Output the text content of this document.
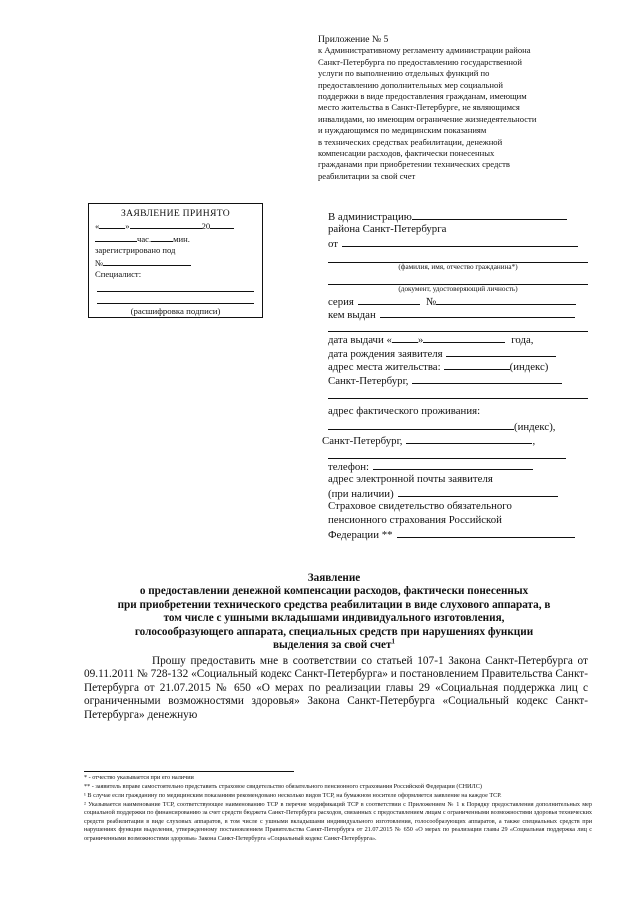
Приложение № 5
к Административному регламенту администрации района
Санкт-Петербурга по предоставлению государственной
услуги по выполнению отдельных функций по
предоставлению дополнительных мер социальной
поддержки в виде предоставления гражданам, имеющим
место жительства в Санкт-Петербурге, не являющимся
инвалидами, но имеющим ограничение жизнедеятельности
и нуждающимся по медицинским показаниям
в технических средствах реабилитации, денежной
компенсации расходов, фактически понесенных
гражданами при приобретении технических средств
реабилитации за свой счет
ЗАЯВЛЕНИЕ ПРИНЯТО
«	»	20
час.	мин.
зарегистрировано под
№
Специалист:
(расшифровка подписи)
В администрацию
района Санкт-Петербурга
от
(фамилия, имя, отчество гражданина*)
(документ, удостоверяющий личность)
серия	№
кем выдан
дата выдачи « »	года,
дата рождения заявителя
адрес места жительства:	(индекс)
Санкт-Петербург,
адрес фактического проживания:
(индекс),
Санкт-Петербург,	,
телефон:
адрес электронной почты заявителя
(при наличии)
Страховое свидетельство обязательного
пенсионного страхования Российской
Федерации **
Заявление
о предоставлении денежной компенсации расходов, фактически понесенных
при приобретении технического средства реабилитации в виде слухового аппарата, в
том числе с ушными вкладышами индивидуального изготовления,
голосообразующего аппарата, специальных средств при нарушениях функции
выделения за свой счет$^1$

Прошу предоставить мне в соответствии со статьей 107-1 Закона Санкт-Петербурга от 09.11.2011 № 728-132 «Социальный кодекс Санкт-Петербурга» и постановлением Правительства Санкт-Петербурга от 21.07.2015 № 650 «О мерах по реализации главы 29 «Социальная поддержка лиц с ограниченными возможностями здоровья» Закона Санкт-Петербурга «Социальный кодекс Санкт-Петербурга» денежную

* - отчество указывается при его наличии

** - заявитель вправе самостоятельно представить страховое свидетельство обязательного пенсионного страхования Российской Федерации (СНИЛС)

¹ В случае если гражданину по медицинским показаниям рекомендовано несколько видов ТСР, на бумажном носителе оформляется заявление на каждое ТСР.

² Указывается наименование ТСР, соответствующее наименованию ТСР в перечне модификаций ТСР в соответствии с Приложением № 1 к Порядку предоставления дополнительных мер социальной поддержки по финансированию за счет средств бюджета Санкт-Петербурга расходов, связанных с предоставлением лицам с ограниченными возможностями здоровья технических средств реабилитации в виде слуховых аппаратов, в том числе с ушными вкладышами индивидуального изготовления, голосообразующих аппаратов, а также специальных средств при нарушениях функции выделения, утвержденному постановлением Правительства Санкт-Петербурга от 21.07.2015 № 650 «О мерах по реализации главы 29 «Социальная поддержка лиц с ограниченными возможностями здоровья» Закона Санкт-Петербурга «Социальный кодекс Санкт-Петербурга».
